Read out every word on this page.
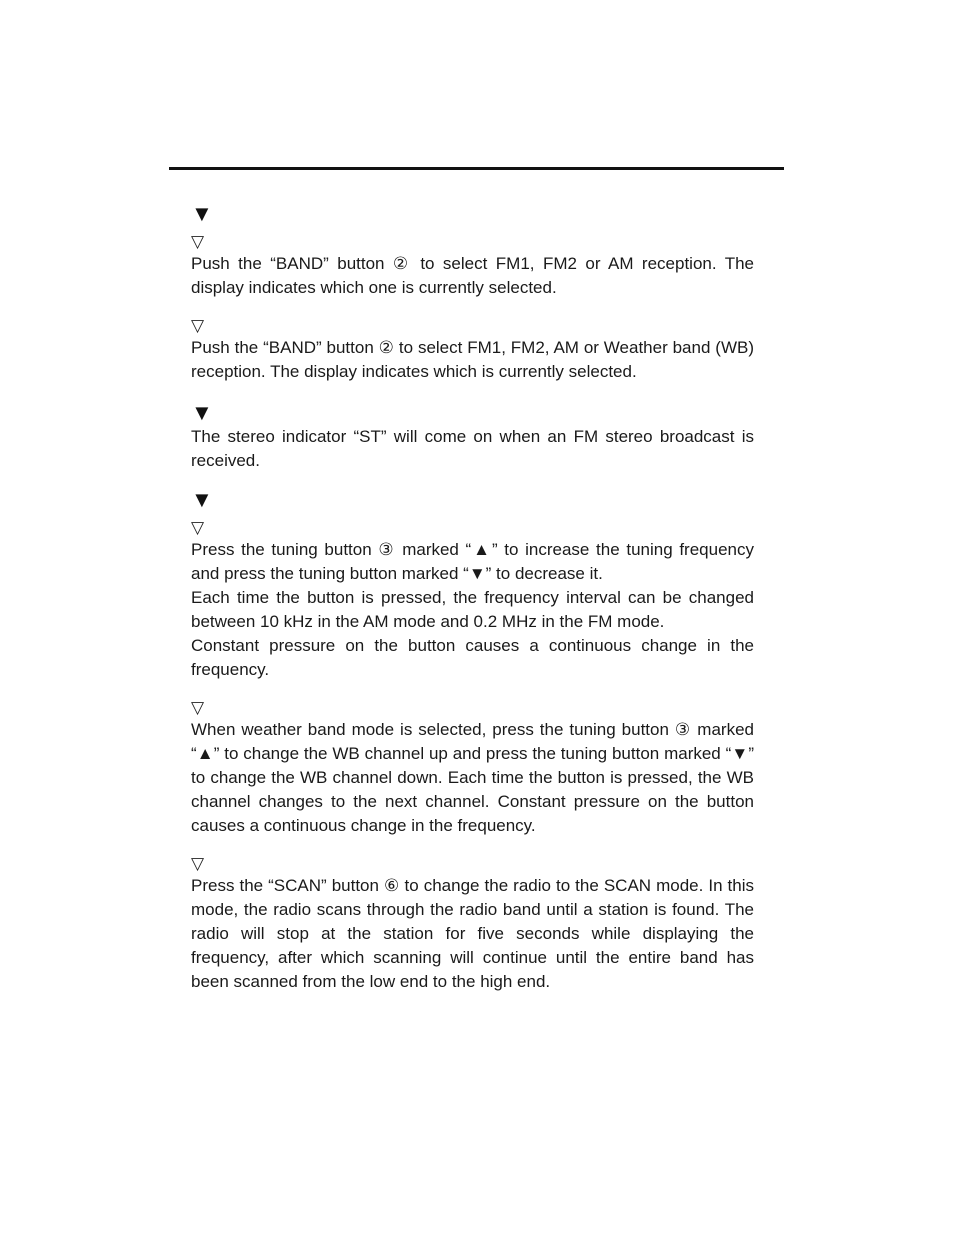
▼
▽

Push the “BAND” button ② to select FM1, FM2 or AM reception. The display indicates which one is currently selected.

▽

Push the “BAND” button ② to select FM1, FM2, AM or Weather band (WB) reception. The display indicates which is currently selected.

▼

The stereo indicator “ST” will come on when an FM stereo broadcast is received.

▼
▽

Press the tuning button ③ marked “▲” to increase the tuning frequency and press the tuning button marked “▼” to decrease it.

Each time the button is pressed, the frequency interval can be changed between 10 kHz in the AM mode and 0.2 MHz in the FM mode.

Constant pressure on the button causes a continuous change in the frequency.

▽

When weather band mode is selected, press the tuning button ③ marked “▲” to change the WB channel up and press the tuning button marked “▼” to change the WB channel down. Each time the button is pressed, the WB channel changes to the next channel. Constant pressure on the button causes a continuous change in the frequency.

▽

Press the “SCAN” button ⑥ to change the radio to the SCAN mode. In this mode, the radio scans through the radio band until a station is found. The radio will stop at the station for five seconds while displaying the frequency, after which scanning will continue until the entire band has been scanned from the low end to the high end.
